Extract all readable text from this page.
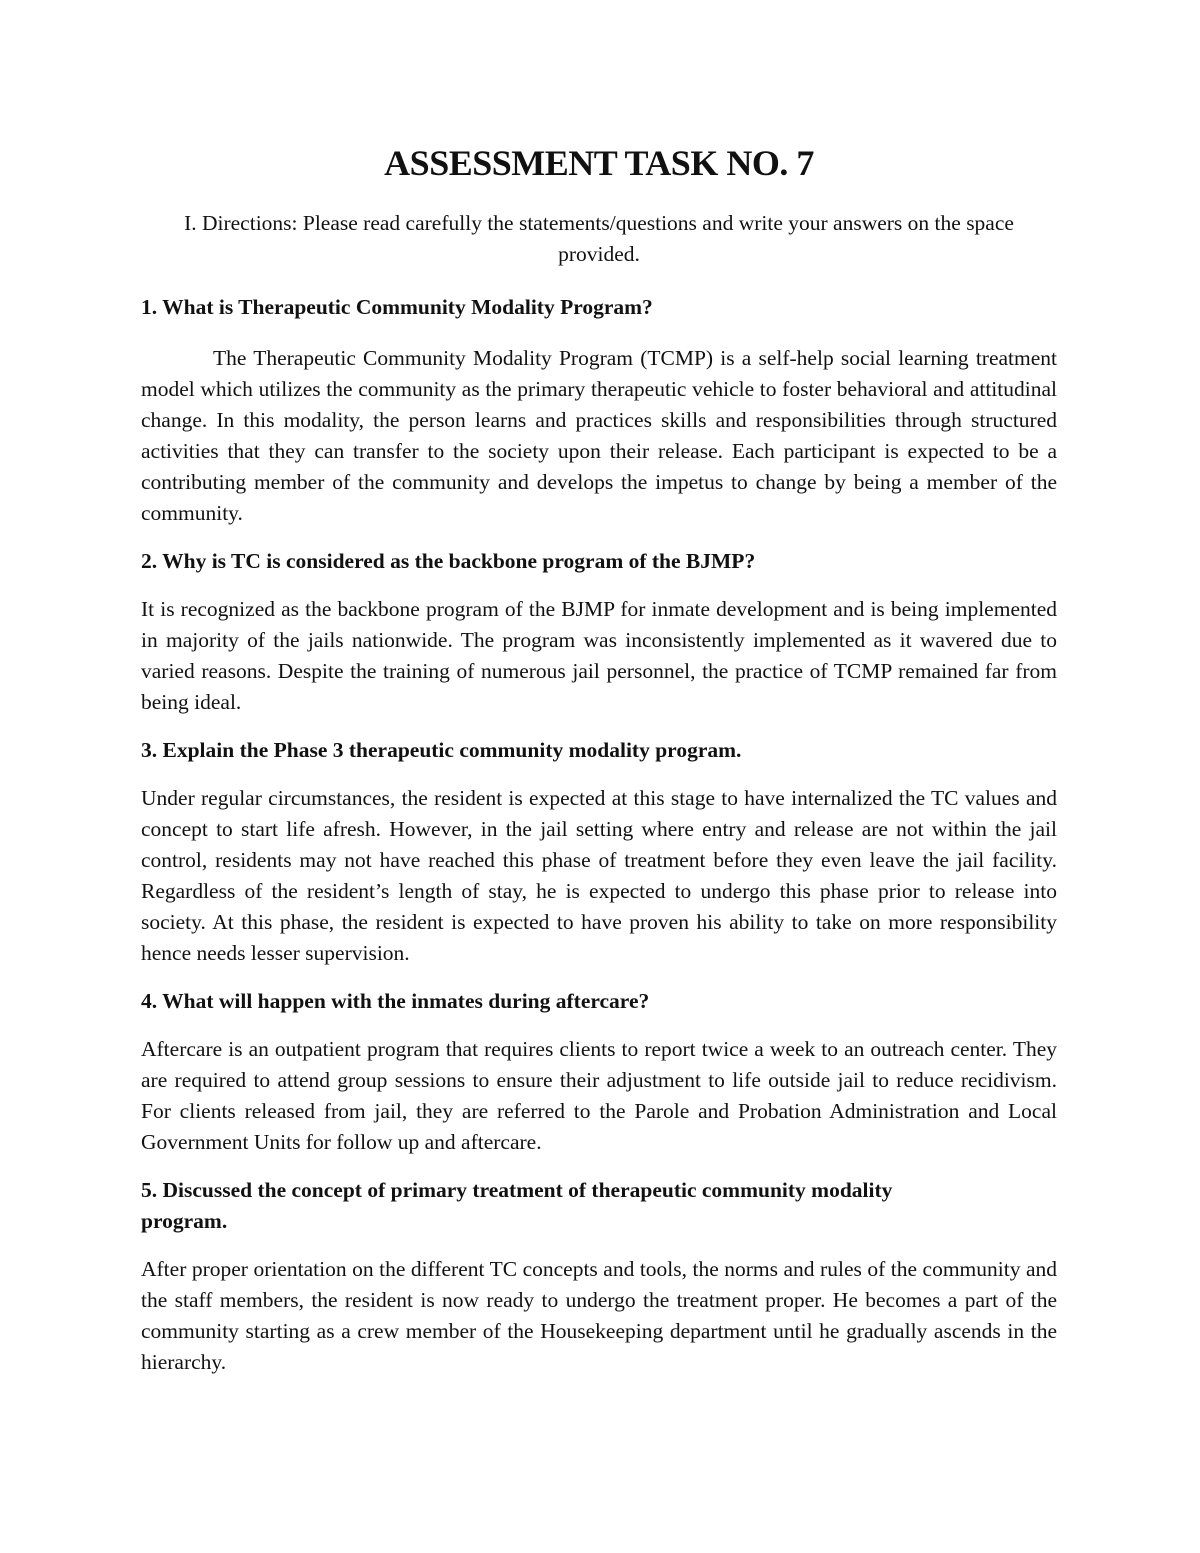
ASSESSMENT TASK NO. 7

I. Directions: Please read carefully the statements/questions and write your answers on the space provided.

1. What is Therapeutic Community Modality Program?

The Therapeutic Community Modality Program (TCMP) is a self-help social learning treatment model which utilizes the community as the primary therapeutic vehicle to foster behavioral and attitudinal change. In this modality, the person learns and practices skills and responsibilities through structured activities that they can transfer to the society upon their release. Each participant is expected to be a contributing member of the community and develops the impetus to change by being a member of the community.

2. Why is TC is considered as the backbone program of the BJMP?

It is recognized as the backbone program of the BJMP for inmate development and is being implemented in majority of the jails nationwide. The program was inconsistently implemented as it wavered due to varied reasons. Despite the training of numerous jail personnel, the practice of TCMP remained far from being ideal.

3. Explain the Phase 3 therapeutic community modality program.

Under regular circumstances, the resident is expected at this stage to have internalized the TC values and concept to start life afresh. However, in the jail setting where entry and release are not within the jail control, residents may not have reached this phase of treatment before they even leave the jail facility. Regardless of the resident’s length of stay, he is expected to undergo this phase prior to release into society. At this phase, the resident is expected to have proven his ability to take on more responsibility hence needs lesser supervision.

4. What will happen with the inmates during aftercare?

Aftercare is an outpatient program that requires clients to report twice a week to an outreach center. They are required to attend group sessions to ensure their adjustment to life outside jail to reduce recidivism. For clients released from jail, they are referred to the Parole and Probation Administration and Local Government Units for follow up and aftercare.

5. Discussed the concept of primary treatment of therapeutic community modality program.

After proper orientation on the different TC concepts and tools, the norms and rules of the community and the staff members, the resident is now ready to undergo the treatment proper. He becomes a part of the community starting as a crew member of the Housekeeping department until he gradually ascends in the hierarchy.
